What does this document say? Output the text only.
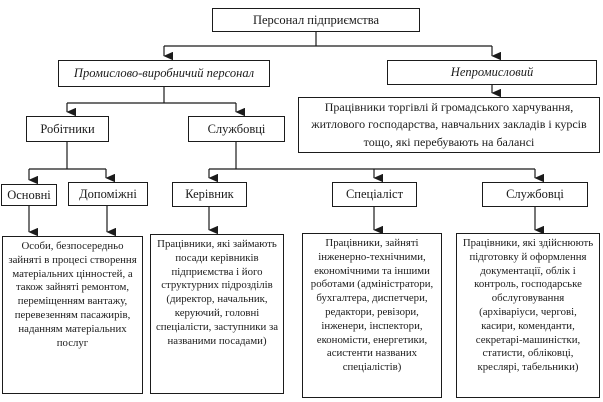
Персонал підприємства
Промислово-виробничий персонал	Непромисловий
Працівники торгівлі й громадського харчування, житлового господарства, навчальних закладів і курсів тощо, які перебувають на балансі
Робітники	Службовці
Основні Допоміжні	Керівник	Спеціаліст	Службовці
Особи, безпосередньо зайняті в процесі створення матеріальних цінностей, а також зайняті ремонтом, переміщенням вантажу, перевезенням пасажирів, наданням матеріальних послуг
Працівники, які займають посади керівників підприємства і його структурних підрозділів (директор, начальник, керуючий, головні спеціалісти, заступники за названими посадами)
Працівники, зайняті інженерно-технічними, економічними та іншими роботами (адміністратори, бухгалтера, диспетчери, редактори, ревізори, інженери, інспектори, економісти, енергетики, асистенти названих спеціалістів)
Працівники, які здійснюють підготовку й оформлення документації, облік і контроль, господарське обслуговування (архіваріуси, чергові, касири, коменданти, секретарі-машиністки, статисти, обліковці, креслярі, табельники)
